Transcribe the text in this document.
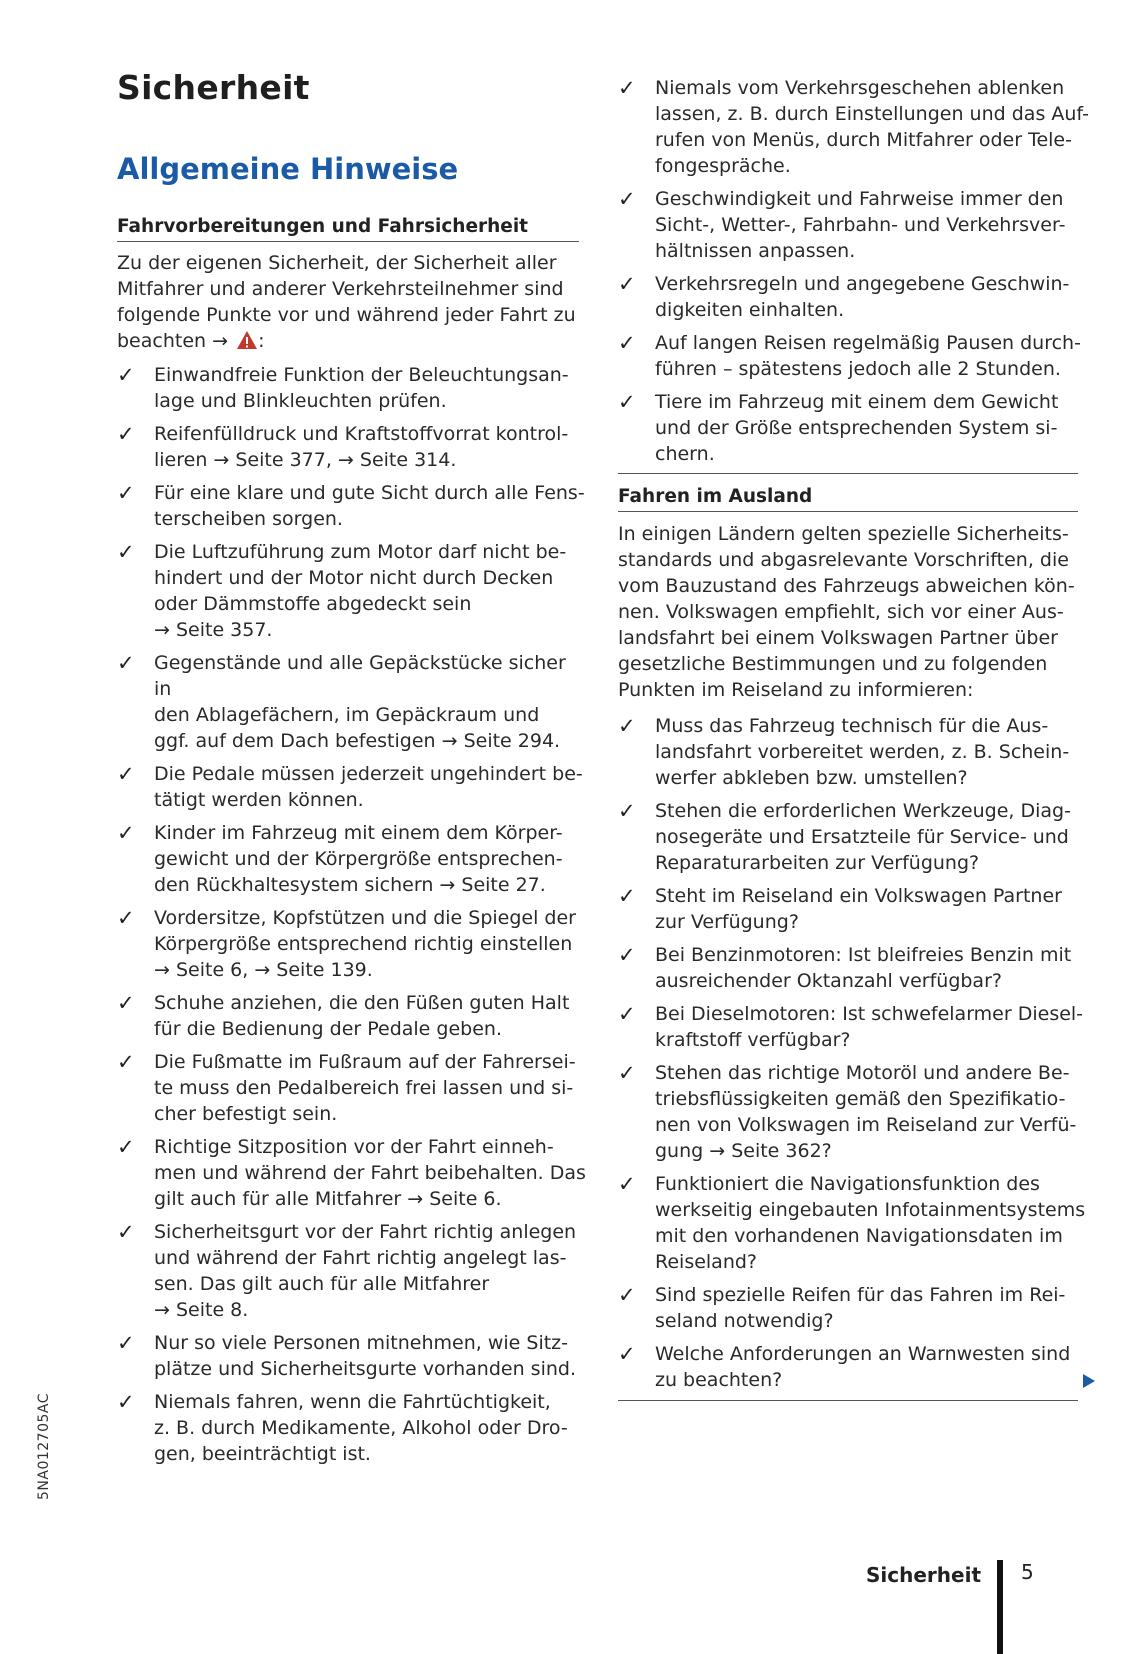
Sicherheit
Allgemeine Hinweise
Fahrvorbereitungen und Fahrsicherheit

Zu der eigenen Sicherheit, der Sicherheit aller Mitfahrer und anderer Verkehrsteilnehmer sind folgende Punkte vor und während jeder Fahrt zu beachten → :

✓ Einwandfreie Funktion der Beleuchtungsan-
lage und Blinkleuchten prüfen.
✓ Reifenfülldruck und Kraftstoffvorrat kontrol-
lieren → Seite 377, → Seite 314.
✓ Für eine klare und gute Sicht durch alle Fens-
terscheiben sorgen.
✓ Die Luftzuführung zum Motor darf nicht be-
hindert und der Motor nicht durch Decken
oder Dämmstoffe abgedeckt sein
→ Seite 357.
✓ Gegenstände und alle Gepäckstücke sicher in
den Ablagefächern, im Gepäckraum und
ggf. auf dem Dach befestigen → Seite 294.
✓ Die Pedale müssen jederzeit ungehindert be-
tätigt werden können.
✓ Kinder im Fahrzeug mit einem dem Körper-
gewicht und der Körpergröße entsprechen-
den Rückhaltesystem sichern → Seite 27.
✓ Vordersitze, Kopfstützen und die Spiegel der
Körpergröße entsprechend richtig einstellen
→ Seite 6, → Seite 139.
✓ Schuhe anziehen, die den Füßen guten Halt
für die Bedienung der Pedale geben.
✓ Die Fußmatte im Fußraum auf der Fahrersei-
te muss den Pedalbereich frei lassen und si-
cher befestigt sein.
✓ Richtige Sitzposition vor der Fahrt einneh-
men und während der Fahrt beibehalten. Das
gilt auch für alle Mitfahrer → Seite 6.
✓ Sicherheitsgurt vor der Fahrt richtig anlegen
und während der Fahrt richtig angelegt las-
sen. Das gilt auch für alle Mitfahrer
→ Seite 8.
✓ Nur so viele Personen mitnehmen, wie Sitz-
plätze und Sicherheitsgurte vorhanden sind.
✓ Niemals fahren, wenn die Fahrtüchtigkeit,
z. B. durch Medikamente, Alkohol oder Dro-
gen, beeinträchtigt ist.
✓ Niemals vom Verkehrsgeschehen ablenken
lassen, z. B. durch Einstellungen und das Auf-
rufen von Menüs, durch Mitfahrer oder Tele-
fongespräche.
✓ Geschwindigkeit und Fahrweise immer den
Sicht-, Wetter-, Fahrbahn- und Verkehrsver-
hältnissen anpassen.
✓ Verkehrsregeln und angegebene Geschwin-
digkeiten einhalten.
✓ Auf langen Reisen regelmäßig Pausen durch-
führen – spätestens jedoch alle 2 Stunden.
✓ Tiere im Fahrzeug mit einem dem Gewicht
und der Größe entsprechenden System si-
chern.
Fahren im Ausland

In einigen Ländern gelten spezielle Sicherheits-standards und abgasrelevante Vorschriften, die vom Bauzustand des Fahrzeugs abweichen kön-nen. Volkswagen empfiehlt, sich vor einer Aus-landsfahrt bei einem Volkswagen Partner über gesetzliche Bestimmungen und zu folgenden Punkten im Reiseland zu informieren:

✓ Muss das Fahrzeug technisch für die Aus-
landsfahrt vorbereitet werden, z. B. Schein-
werfer abkleben bzw. umstellen?
✓ Stehen die erforderlichen Werkzeuge, Diag-
nosegeräte und Ersatzteile für Service- und
Reparaturarbeiten zur Verfügung?
✓ Steht im Reiseland ein Volkswagen Partner
zur Verfügung?
✓ Bei Benzinmotoren: Ist bleifreies Benzin mit
ausreichender Oktanzahl verfügbar?
✓ Bei Dieselmotoren: Ist schwefelarmer Diesel-
kraftstoff verfügbar?
✓ Stehen das richtige Motoröl und andere Be-
triebsflüssigkeiten gemäß den Spezifikatio-
nen von Volkswagen im Reiseland zur Verfü-
gung → Seite 362?
✓ Funktioniert die Navigationsfunktion des
werkseitig eingebauten Infotainmentsystems
mit den vorhandenen Navigationsdaten im
Reiseland?
✓ Sind spezielle Reifen für das Fahren im Rei-
seland notwendig?
✓ Welche Anforderungen an Warnwesten sind
zu beachten?
5NA012705AC
Sicherheit 5
